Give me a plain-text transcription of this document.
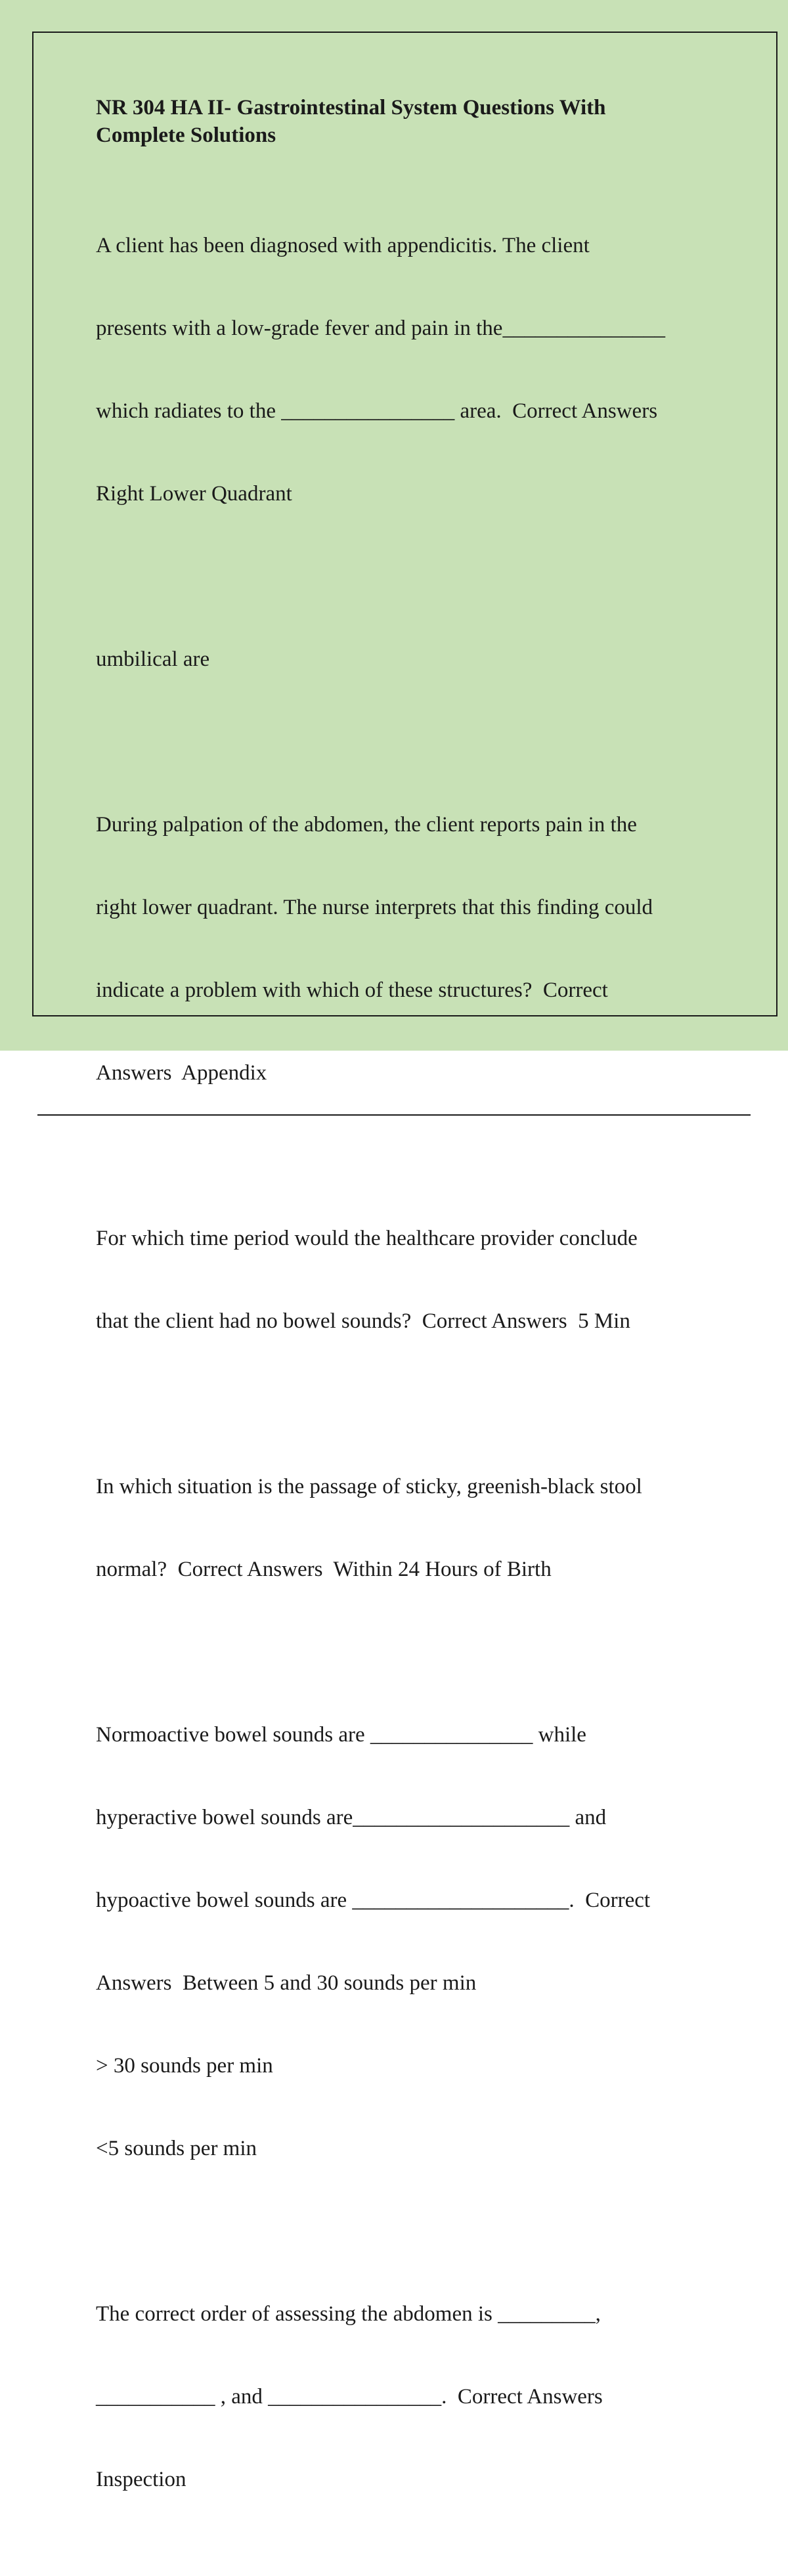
NR 304 HA II- Gastrointestinal System Questions With
Complete Solutions

A client has been diagnosed with appendicitis. The client

presents with a low-grade fever and pain in the_______________

which radiates to the ________________ area.  Correct Answers

Right Lower Quadrant

umbilical are

During palpation of the abdomen, the client reports pain in the

right lower quadrant. The nurse interprets that this finding could

indicate a problem with which of these structures?  Correct

Answers  Appendix

For which time period would the healthcare provider conclude

that the client had no bowel sounds?  Correct Answers  5 Min

In which situation is the passage of sticky, greenish-black stool

normal?  Correct Answers  Within 24 Hours of Birth

Normoactive bowel sounds are _______________ while

hyperactive bowel sounds are____________________ and

hypoactive bowel sounds are ____________________.  Correct

Answers  Between 5 and 30 sounds per min

> 30 sounds per min

<5 sounds per min

The correct order of assessing the abdomen is _________,

___________ , and ________________.  Correct Answers

Inspection
